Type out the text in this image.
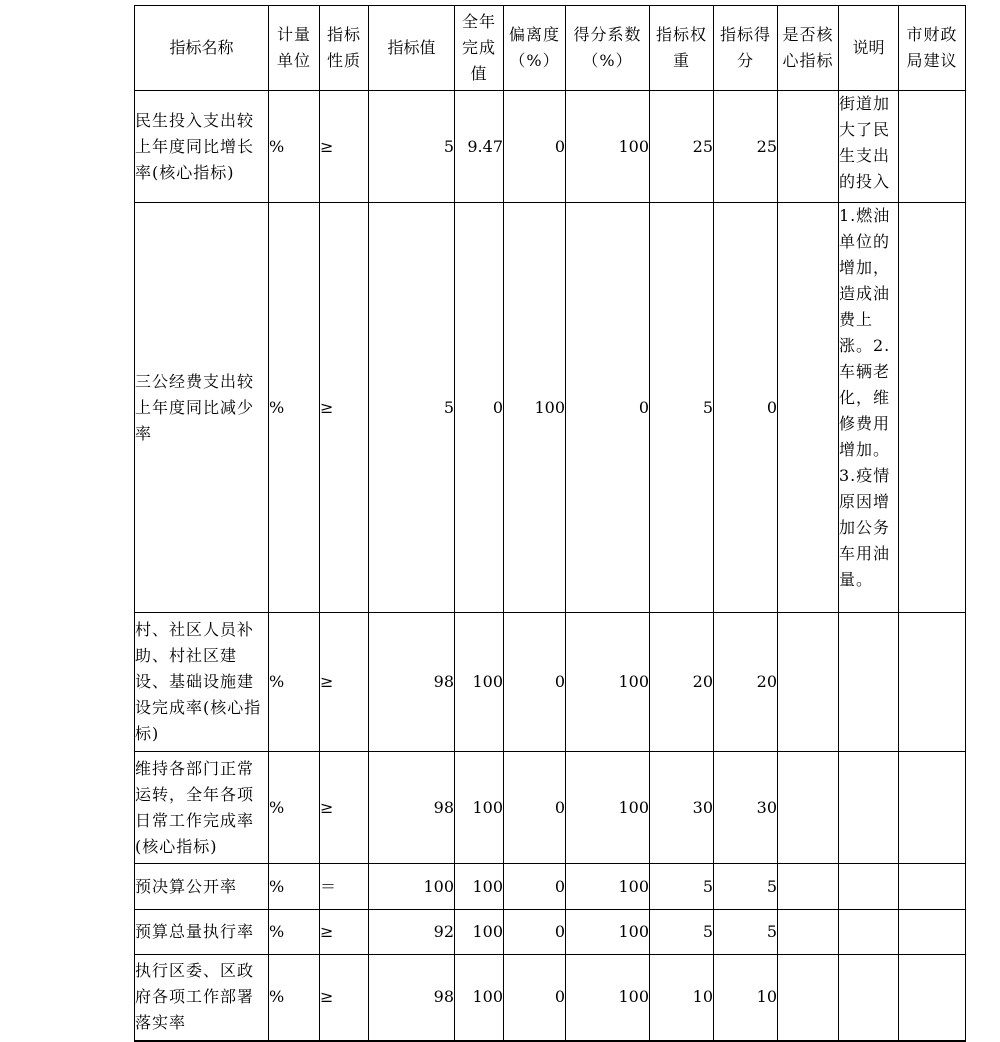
指标名称	计量单位	指标性质	指标值	全年完成值	偏离度（%）	得分系数（%）	指标权重	指标得分	是否核心指标	说明	市财政局建议
民生投入支出较上年度同比增长率(核心指标)	%	≥	5	9.47	0	100	25	25		街道加大了民生支出的投入	
三公经费支出较上年度同比减少率	%	≥	5	0	100	0	5	0		1.燃油单位的增加，造成油费上涨。2.车辆老化，维修费用增加。3.疫情原因增加公务车用油量。	
村、社区人员补助、村社区建设、基础设施建设完成率(核心指标)	%	≥	98	100	0	100	20	20			
维持各部门正常运转，全年各项日常工作完成率(核心指标)	%	≥	98	100	0	100	30	30			
预决算公开率	%	＝	100	100	0	100	5	5			
预算总量执行率	%	≥	92	100	0	100	5	5			
执行区委、区政府各项工作部署落实率	%	≥	98	100	0	100	10	10			
